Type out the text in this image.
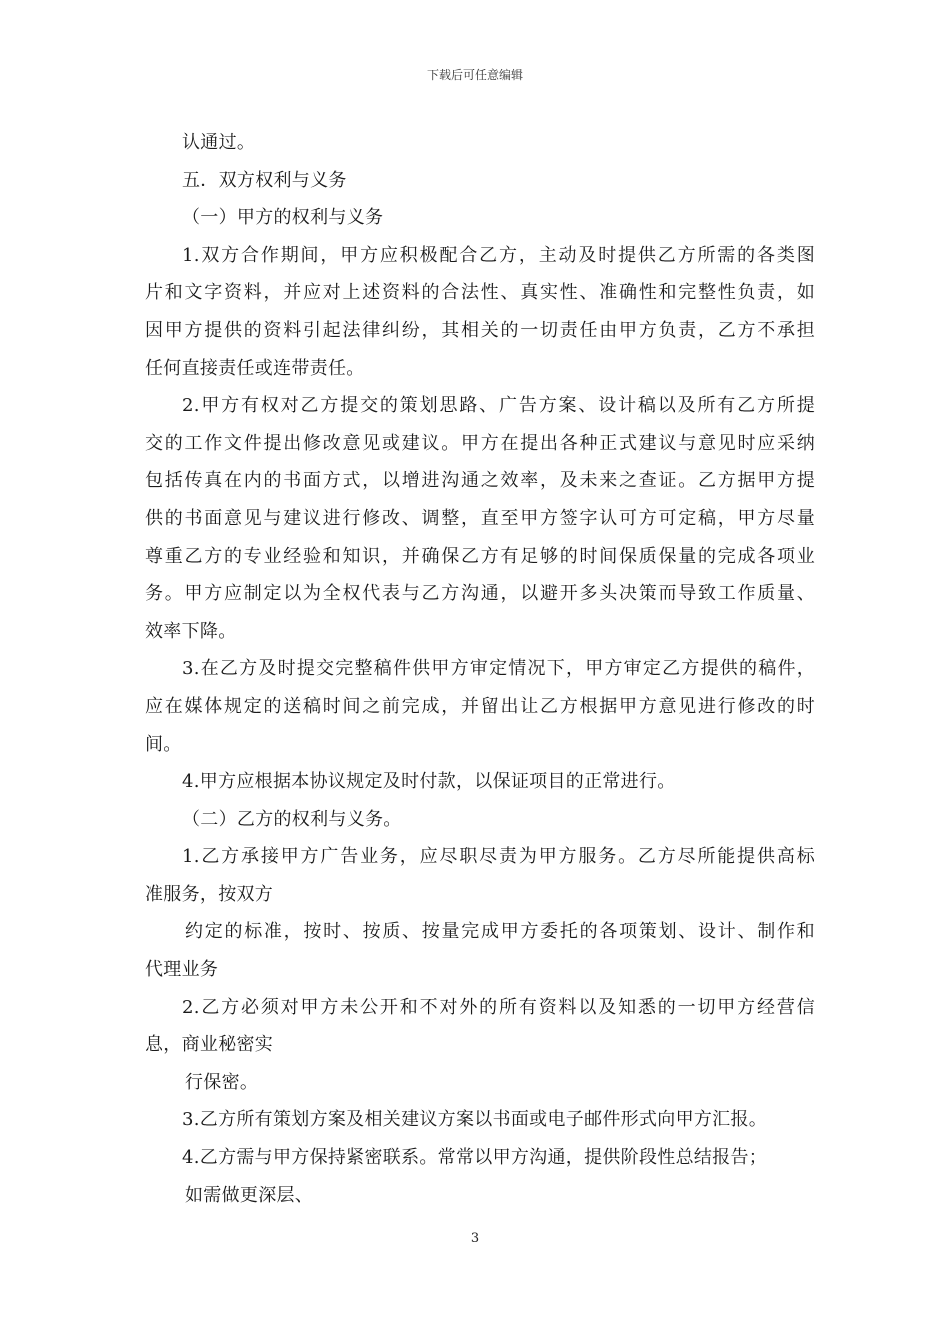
下载后可任意编辑
认通过。
五．双方权利与义务
（一）甲方的权利与义务
1.双方合作期间，甲方应积极配合乙方，主动及时提供乙方所需的各类图
片和文字资料，并应对上述资料的合法性、真实性、准确性和完整性负责，如
因甲方提供的资料引起法律纠纷，其相关的一切责任由甲方负责，乙方不承担
任何直接责任或连带责任。
2.甲方有权对乙方提交的策划思路、广告方案、设计稿以及所有乙方所提
交的工作文件提出修改意见或建议。甲方在提出各种正式建议与意见时应采纳
包括传真在内的书面方式，以增进沟通之效率，及未来之查证。乙方据甲方提
供的书面意见与建议进行修改、调整，直至甲方签字认可方可定稿，甲方尽量
尊重乙方的专业经验和知识，并确保乙方有足够的时间保质保量的完成各项业
务。甲方应制定以为全权代表与乙方沟通，以避开多头决策而导致工作质量、
效率下降。
3.在乙方及时提交完整稿件供甲方审定情况下，甲方审定乙方提供的稿件，
应在媒体规定的送稿时间之前完成，并留出让乙方根据甲方意见进行修改的时
间。
4.甲方应根据本协议规定及时付款，以保证项目的正常进行。
（二）乙方的权利与义务。
1.乙方承接甲方广告业务，应尽职尽责为甲方服务。乙方尽所能提供高标
准服务，按双方
约定的标准，按时、按质、按量完成甲方委托的各项策划、设计、制作和
代理业务
2.乙方必须对甲方未公开和不对外的所有资料以及知悉的一切甲方经营信
息，商业秘密实
行保密。
3.乙方所有策划方案及相关建议方案以书面或电子邮件形式向甲方汇报。
4.乙方需与甲方保持紧密联系。常常以甲方沟通，提供阶段性总结报告；
如需做更深层、
3
